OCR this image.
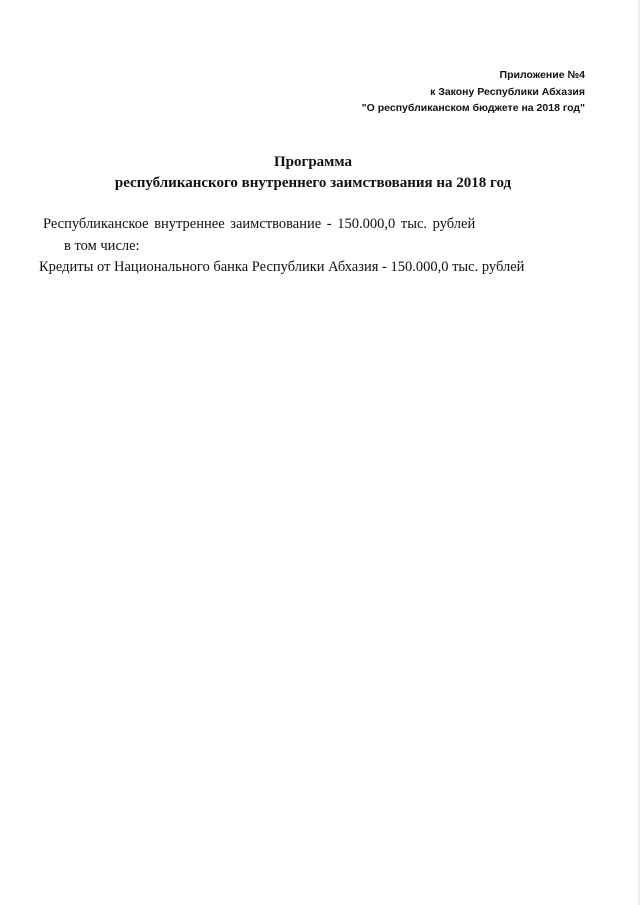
Приложение №4
к Закону Республики Абхазия
"О республиканском бюджете на 2018 год"
Программа
республиканского внутреннего заимствования на 2018 год
Республиканское внутреннее заимствование - 150.000,0 тыс. рублей
в том числе:
Кредиты от Национального банка Республики Абхазия - 150.000,0 тыс. рублей
